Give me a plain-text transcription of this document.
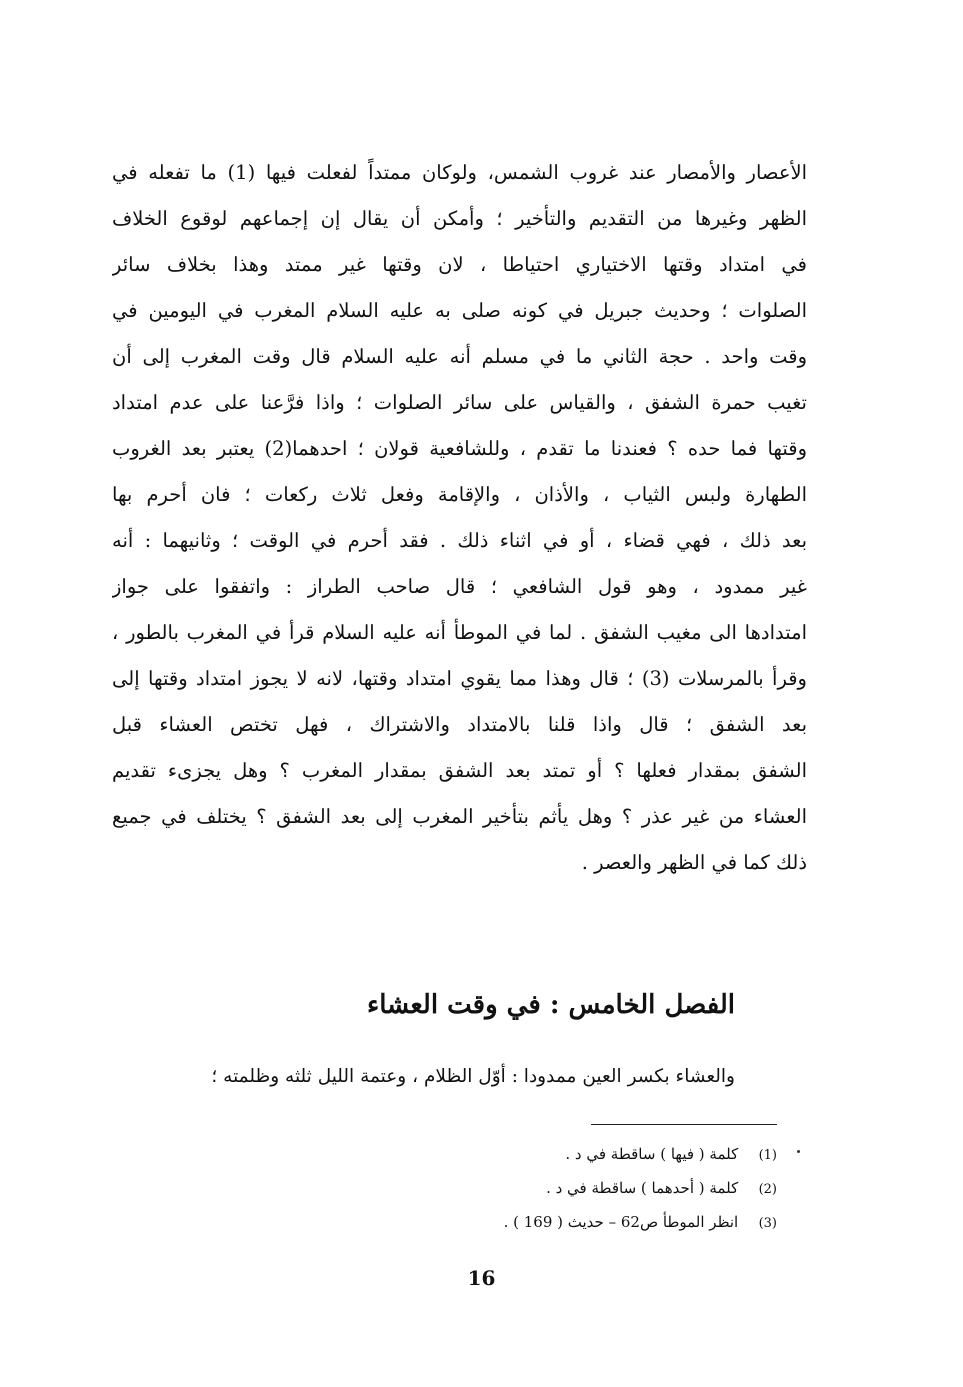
الأعصار والأمصار عند غروب الشمس، ولوكان ممتداً لفعلت فيها (1) ما تفعله في
الظهر وغيرها من التقديم والتأخير ؛ وأمكن أن يقال إن إجماعهم لوقوع الخلاف
في امتداد وقتها الاختياري احتياطا ، لان وقتها غير ممتد وهذا بخلاف سائر
الصلوات ؛ وحديث جبريل في كونه صلى به عليه السلام المغرب في اليومين في
وقت واحد . حجة الثاني ما في مسلم أنه عليه السلام قال وقت المغرب إلى أن
تغيب حمرة الشفق ، والقياس على سائر الصلوات ؛ واذا فرَّعنا على عدم امتداد
وقتها فما حده ؟ فعندنا ما تقدم ، وللشافعية قولان ؛ احدهما(2) يعتبر بعد الغروب
الطهارة ولبس الثياب ، والأذان ، والإقامة وفعل ثلاث ركعات ؛ فان أحرم بها
بعد ذلك ، فهي قضاء ، أو في اثناء ذلك . فقد أحرم في الوقت ؛ وثانيهما : أنه
غير ممدود ، وهو قول الشافعي ؛ قال صاحب الطراز : واتفقوا على جواز
امتدادها الى مغيب الشفق . لما في الموطأ أنه عليه السلام قرأ في المغرب بالطور ،
وقرأ بالمرسلات (3) ؛ قال وهذا مما يقوي امتداد وقتها، لانه لا يجوز امتداد وقتها إلى
بعد الشفق ؛ قال واذا قلنا بالامتداد والاشتراك ، فهل تختص العشاء قبل
الشفق بمقدار فعلها ؟ أو تمتد بعد الشفق بمقدار المغرب ؟ وهل يجزىء تقديم
العشاء من غير عذر ؟ وهل يأثم بتأخير المغرب إلى بعد الشفق ؟ يختلف في جميع
ذلك كما في الظهر والعصر .
الفصل الخامس : في وقت العشاء

والعشاء بكسر العين ممدودا : أوّل الظلام ، وعتمة الليل ثلثه وظلمته ؛

(1) كلمة ( فيها ) ساقطة في د .
(2) كلمة ( أحدهما ) ساقطة في د .
(3) انظر الموطأ ص62 – حديث ( 169 ) .
16
